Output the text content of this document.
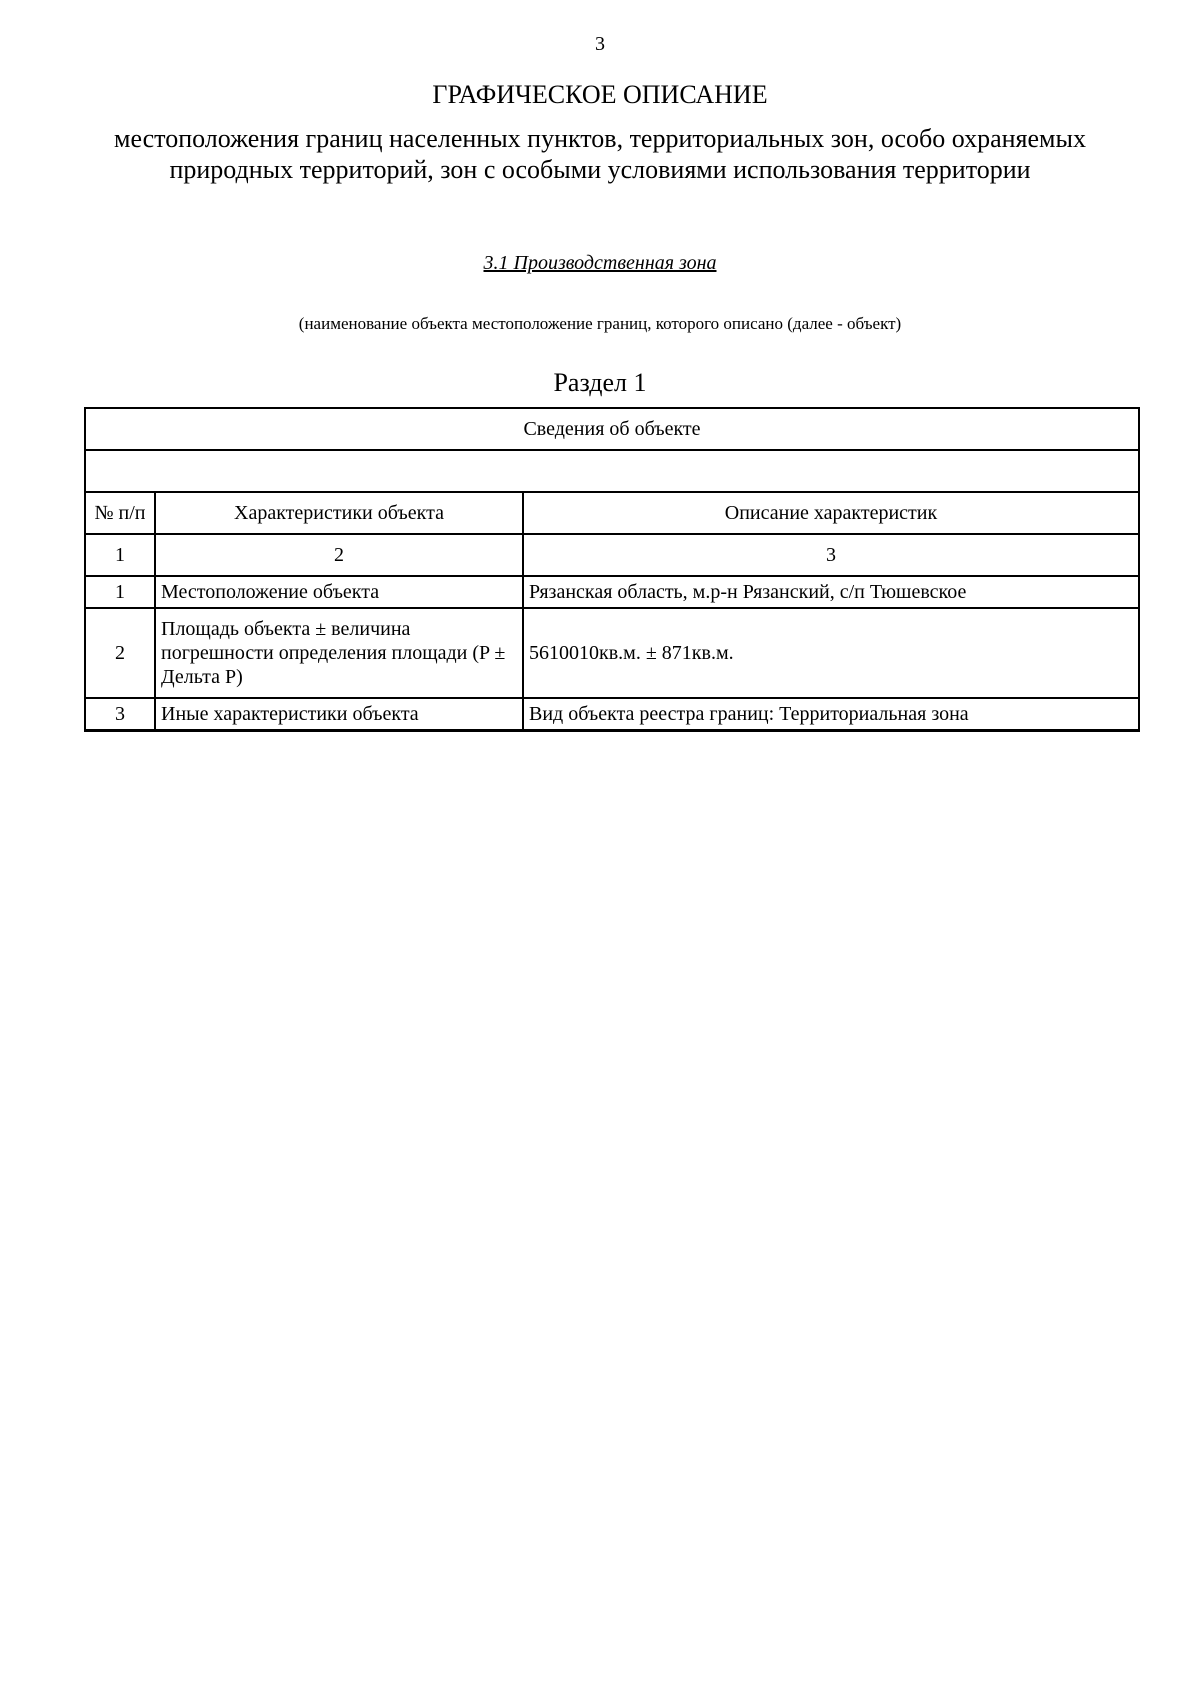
3
ГРАФИЧЕСКОЕ ОПИСАНИЕ
местоположения границ населенных пунктов, территориальных зон, особо охраняемых природных территорий, зон с особыми условиями использования территории
3.1 Производственная зона
(наименование объекта местоположение границ, которого описано (далее - объект)
Раздел 1
Сведения об объекте		

№ п/п	Характеристики объекта	Описание характеристик
1	2	3
1	Местоположение объекта	Рязанская область, м.р-н Рязанский, с/п Тюшевское
2	Площадь объекта ± величина погрешности определения площади (P ± Дельта P)	5610010кв.м. ± 871кв.м.
3	Иные характеристики объекта	Вид объекта реестра границ: Территориальная зона
